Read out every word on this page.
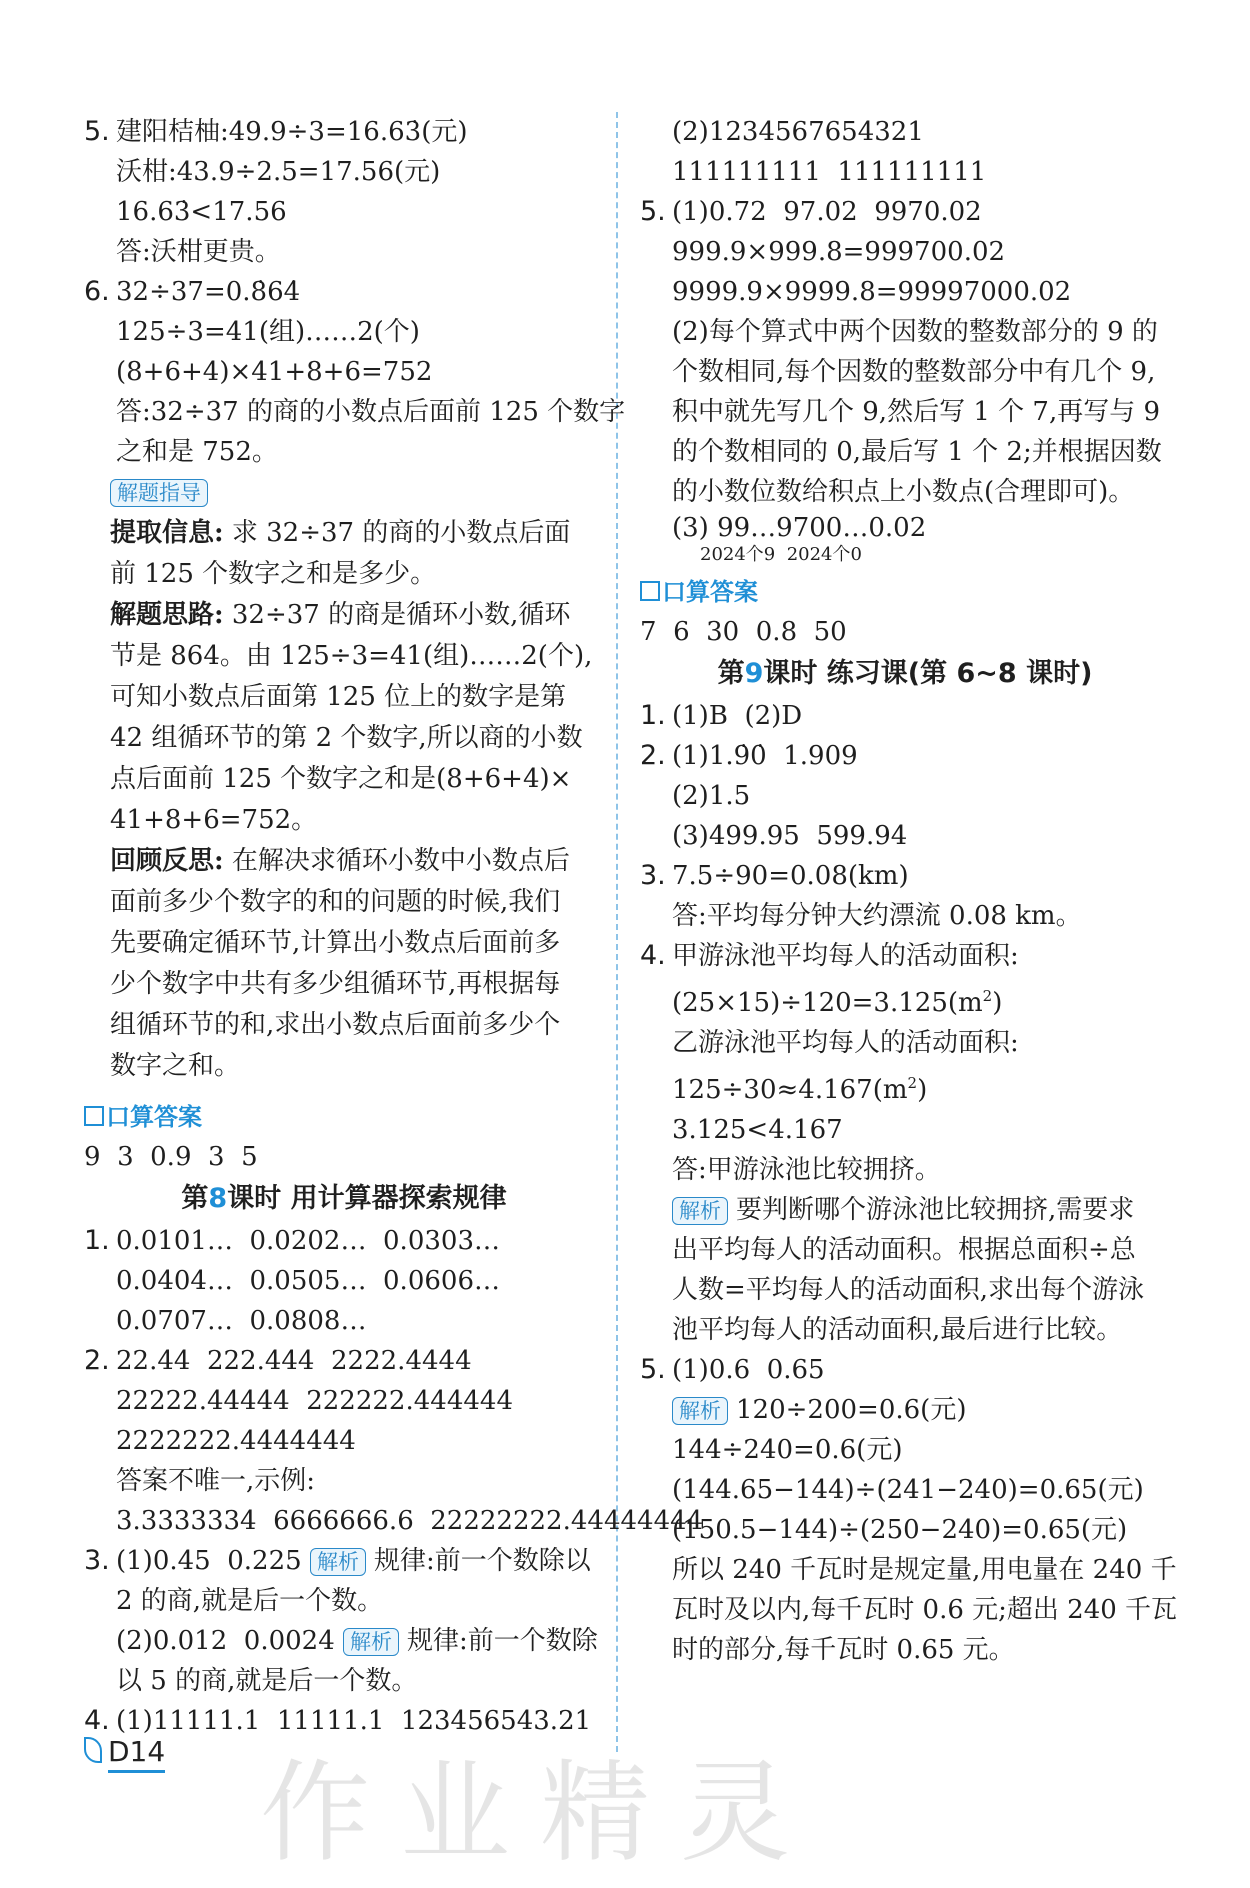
5. 建阳桔柚:49.9÷3=16.63̇(元)
沃柑:43.9÷2.5=17.56(元)
16.63̇<17.56
答:沃柑更贵。
6. 32÷37=0.8̇64̇
125÷3=41(组)……2(个)
(8+6+4)×41+8+6=752
答:32÷37 的商的小数点后面前 125 个数字
之和是 752。
解题指导
提取信息: 求 32÷37 的商的小数点后面
前 125 个数字之和是多少。
解题思路: 32÷37 的商是循环小数,循环
节是 864。由 125÷3=41(组)……2(个),
可知小数点后面第 125 位上的数字是第
42 组循环节的第 2 个数字,所以商的小数
点后面前 125 个数字之和是(8+6+4)×
41+8+6=752。
回顾反思: 在解决求循环小数中小数点后
面前多少个数字的和的问题的时候,我们
先要确定循环节,计算出小数点后面前多
少个数字中共有多少组循环节,再根据每
组循环节的和,求出小数点后面前多少个
数字之和。
口算答案
9  3  0.9  3  5
第8课时 用计算器探索规律
1. 0.0101…  0.0202…  0.0303…
0.0404…  0.0505…  0.0606…
0.0707…  0.0808…
2. 22.44  222.444  2222.4444
22222.44444  222222.444444
2222222.4444444
答案不唯一,示例:
3.3333334  6666666.6  22222222.44444444
3. (1)0.45  0.225 解析 规律:前一个数除以
2 的商,就是后一个数。
(2)0.012  0.0024 解析 规律:前一个数除
以 5 的商,就是后一个数。
4. (1)11111.1  11111.1  123456543.21
(2)1234567654321
111111111  111111111
5. (1)0.72  97.02  9970.02
999.9×999.8=999700.02
9999.9×9999.8=99997000.02
(2)每个算式中两个因数的整数部分的 9 的
个数相同,每个因数的整数部分中有几个 9,
积中就先写几个 9,然后写 1 个 7,再写与 9
的个数相同的 0,最后写 1 个 2;并根据因数
的小数位数给积点上小数点(合理即可)。
(3) 99…9700…0.02
2024个9  2024个0
口算答案
7  6  30  0.8  50
第9课时 练习课(第 6~8 课时)
1. (1)B  (2)D
2. (1)1.9̇0̇  1.909
(2)1.5
(3)499.95  599.94
3. 7.5÷90=0.08(km)
答:平均每分钟大约漂流 0.08 km。
4. 甲游泳池平均每人的活动面积:
$(25\times 15)\div 120=3.125(m^2)$
乙游泳池平均每人的活动面积:
$125\div 30\approx 4.167(m^2)$
3.125<4.167
答:甲游泳池比较拥挤。
解析 要判断哪个游泳池比较拥挤,需要求
出平均每人的活动面积。根据总面积÷总
人数=平均每人的活动面积,求出每个游泳
池平均每人的活动面积,最后进行比较。
5. (1)0.6  0.65
解析 120÷200=0.6(元)
144÷240=0.6(元)
(144.65−144)÷(241−240)=0.65(元)
(150.5−144)÷(250−240)=0.65(元)
所以 240 千瓦时是规定量,用电量在 240 千
瓦时及以内,每千瓦时 0.6 元;超出 240 千瓦
时的部分,每千瓦时 0.65 元。
D14 作业精灵
